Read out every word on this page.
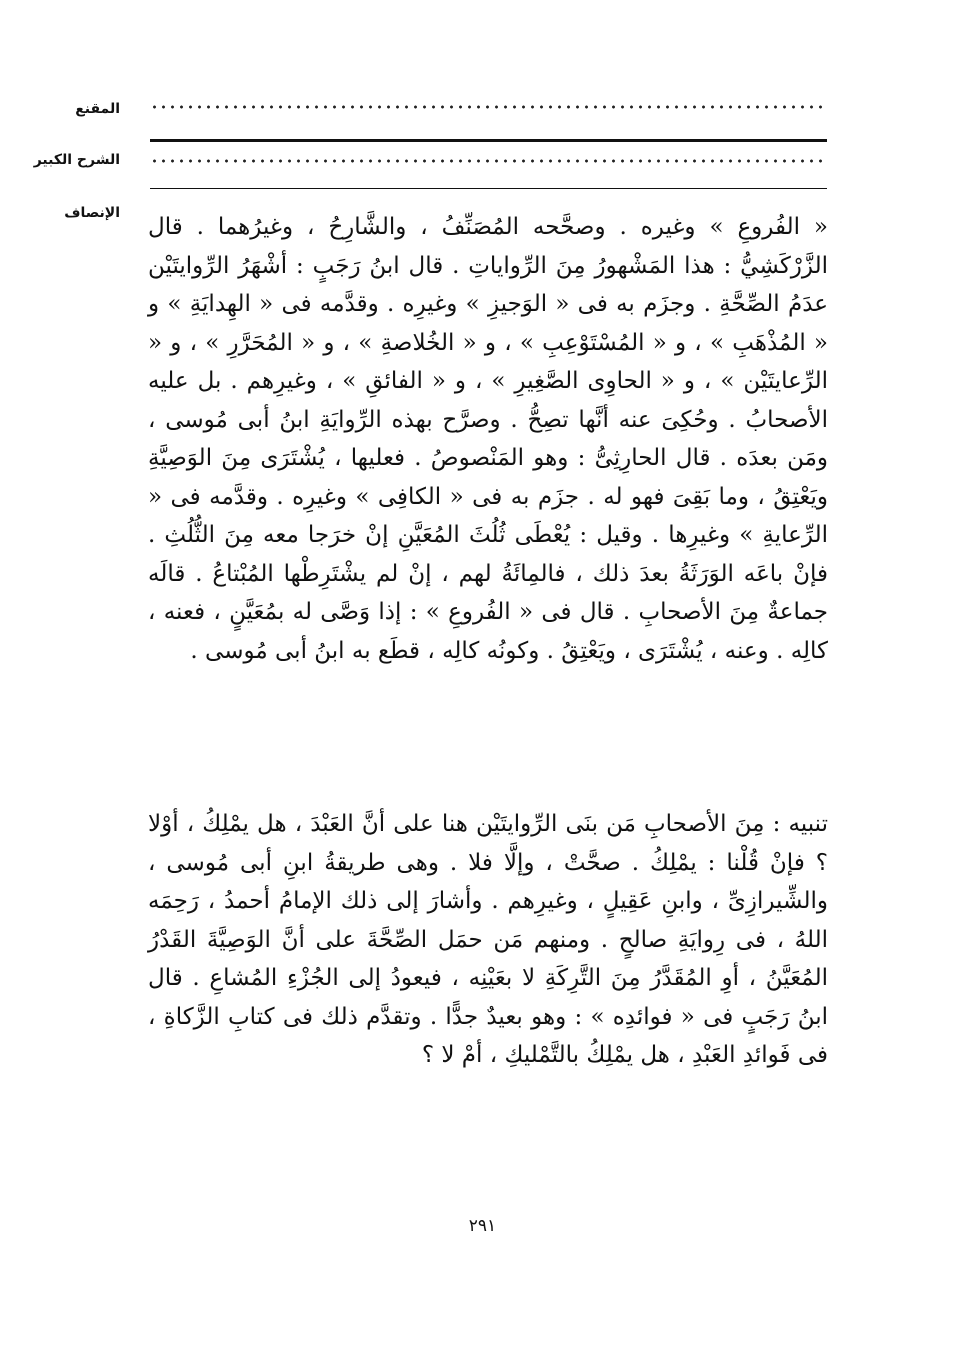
المقنع
الشرح الكبير
الإنصاف

« الفُروعِ » وغيره . وصحَّحه المُصَنِّفُ ، والشَّارِحُ ، وغيرُهما . قال الزَّرْكَشِيُّ : هذا المَشْهورُ مِنَ الرِّواياتِ . قال ابنُ رَجَبٍ : أشْهَرُ الرِّوايتَيْن عدَمُ الصِّحَّةِ . وجزَم به فى « الوَجيزِ » وغيرِه . وقدَّمه فى « الهِدايَةِ » و « المُذْهَبِ » ، و « المُسْتَوْعِبِ » ، و « الخُلاصةِ » ، و « المُحَرَّرِ » ، و « الرِّعايتَيْن » ، و « الحاوِى الصَّغِيرِ » ، و « الفائقِ » ، وغيرِهم . بل عليه الأصحابُ . وحُكِىَ عنه أنَّها تصِحُّ . وصرَّح بهذه الرِّوايَةِ ابنُ أبى مُوسى ، ومَن بعدَه . قال الحارِثِىُّ : وهو المَنْصوصُ . فعليها ، يُشْتَرَى مِنَ الوَصِيَّةِ ويَعْتِقُ ، وما بَقِىَ فهو له . جزَم به فى « الكافِى » وغيرِه . وقدَّمه فى « الرِّعايةِ » وغيرِها . وقيل : يُعْطَى ثُلُثَ المُعَيَّنِ إنْ خرَجا معه مِنَ الثُّلُثِ . فإنْ باعَه الوَرَثَةُ بعدَ ذلك ، فالمِائَةُ لهم ، إنْ لم يشْتَرِطْها المُبْتاعُ . قالَه جماعةٌ مِنَ الأصحابِ . قال فى « الفُروعِ » : إذا وَصَّى له بمُعَيَّنٍ ، فعنه ، كالِه . وعنه ، يُشْتَرَى ، ويَعْتِقُ . وكونُه كالِه ، قطَع به ابنُ أبى مُوسى .

تنبيه : مِنَ الأصحابِ مَن بنَى الرِّوايتَيْن هنا على أنَّ العَبْدَ ، هل يمْلِكُ ، أوْلا ؟ فإنْ قُلْنا : يمْلِكُ . صحَّتْ ، وإلَّا فلا . وهى طريقةُ ابنِ أبى مُوسى ، والشِّيرازِىِّ ، وابنِ عَقِيلٍ ، وغيرِهم . وأشارَ إلى ذلك الإمامُ أحمدُ ، رَحِمَه اللهُ ، فى رِوايَةِ صالحٍ . ومنهم مَن حمَل الصِّحَّةَ على أنَّ الوَصِيَّةَ القَدْرُ المُعَيَّنُ ، أوِ المُقَدَّرُ مِنَ التَّرِكَةِ لا بعَيْنِه ، فيعودُ إلى الجُزْءِ المُشاعِ . قال ابنُ رَجَبٍ فى « فوائدِه » : وهو بعيدٌ جدًّا . وتقدَّم ذلك فى كتابِ الزَّكاةِ ، فى فَوائدِ العَبْدِ ، هل يمْلِكُ بالتَّمْليكِ ، أمْ لا ؟

٢٩١
